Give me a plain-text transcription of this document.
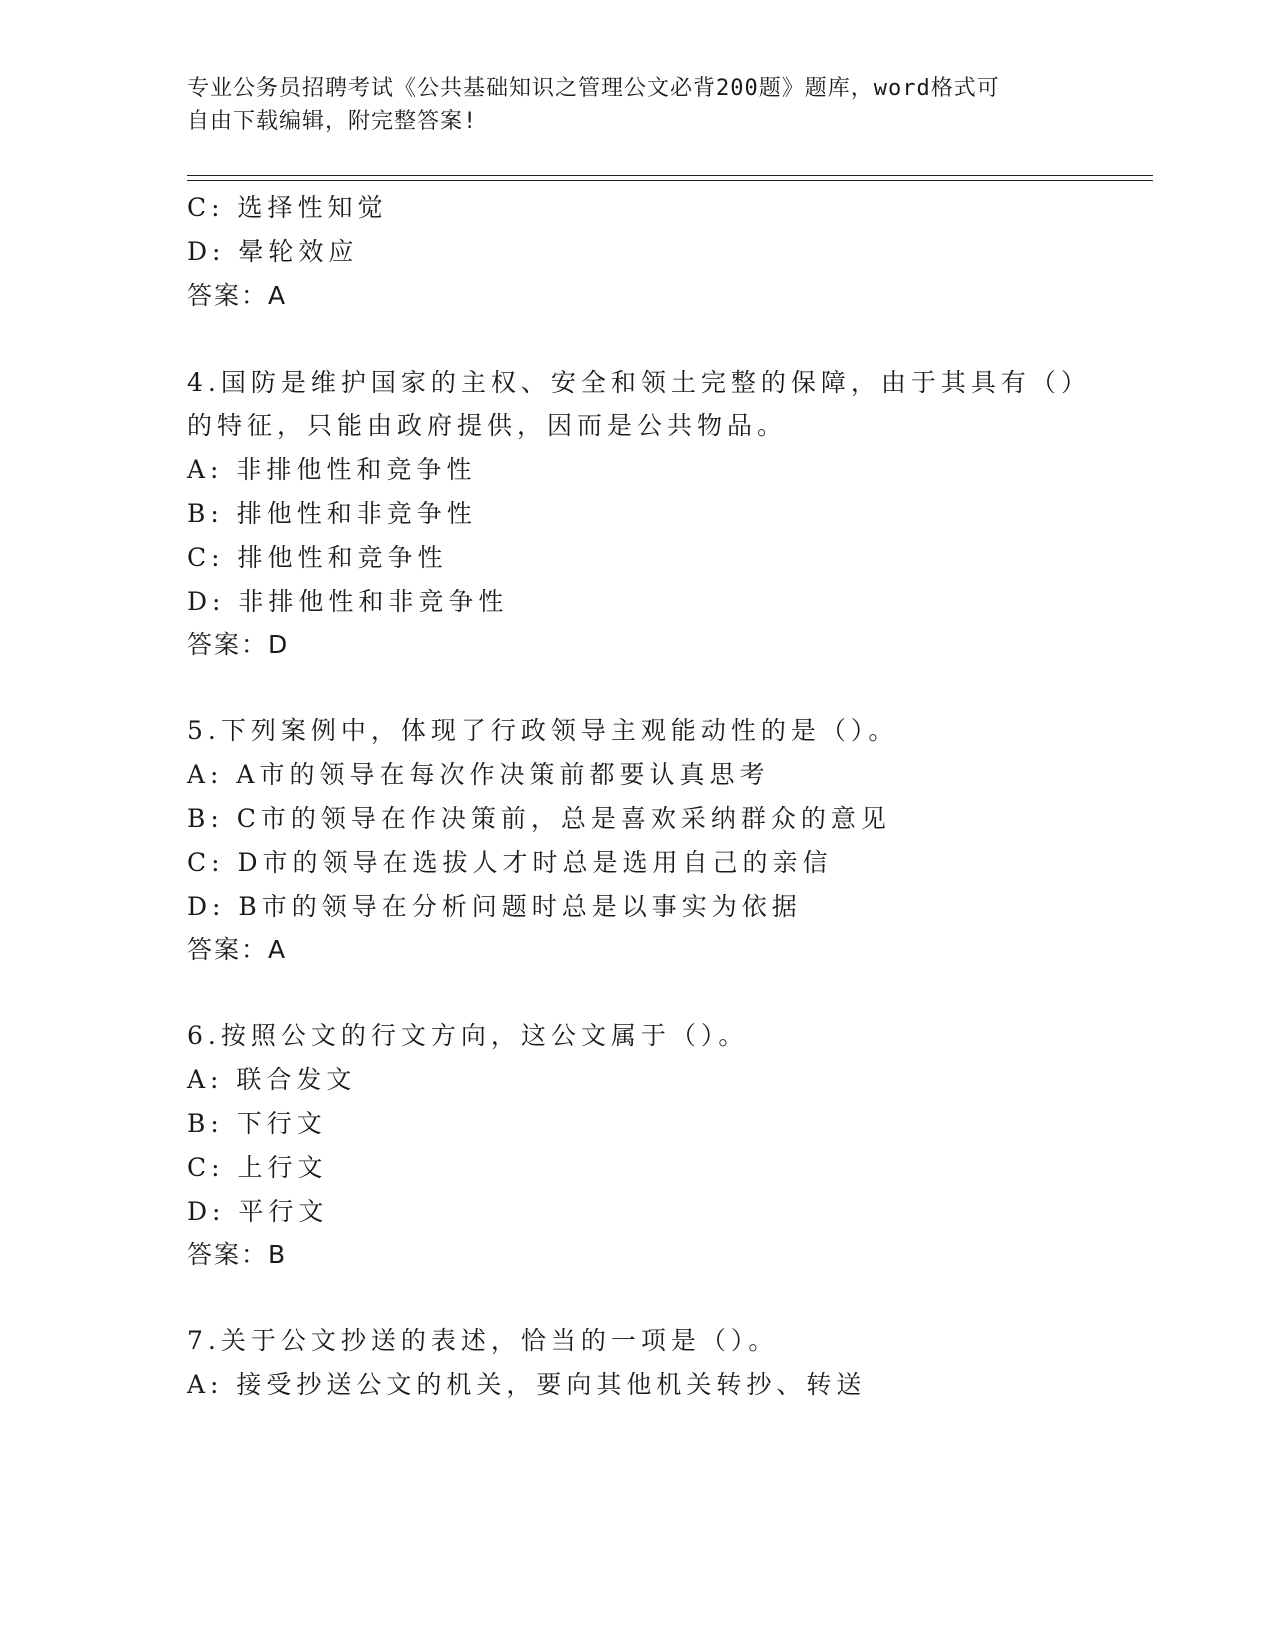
专业公务员招聘考试《公共基础知识之管理公文必背200题》题库，word格式可
自由下载编辑，附完整答案!
C: 选择性知觉
D: 晕轮效应
答案：A
4.国防是维护国家的主权、安全和领土完整的保障，由于其具有（）
的特征，只能由政府提供，因而是公共物品。
A: 非排他性和竞争性
B: 排他性和非竞争性
C: 排他性和竞争性
D: 非排他性和非竞争性
答案：D
5.下列案例中，体现了行政领导主观能动性的是（）。
A: A市的领导在每次作决策前都要认真思考
B: C市的领导在作决策前，总是喜欢采纳群众的意见
C: D市的领导在选拔人才时总是选用自己的亲信
D: B市的领导在分析问题时总是以事实为依据
答案：A
6.按照公文的行文方向，这公文属于（）。
A: 联合发文
B: 下行文
C: 上行文
D: 平行文
答案：B
7.关于公文抄送的表述，恰当的一项是（）。
A: 接受抄送公文的机关，要向其他机关转抄、转送
